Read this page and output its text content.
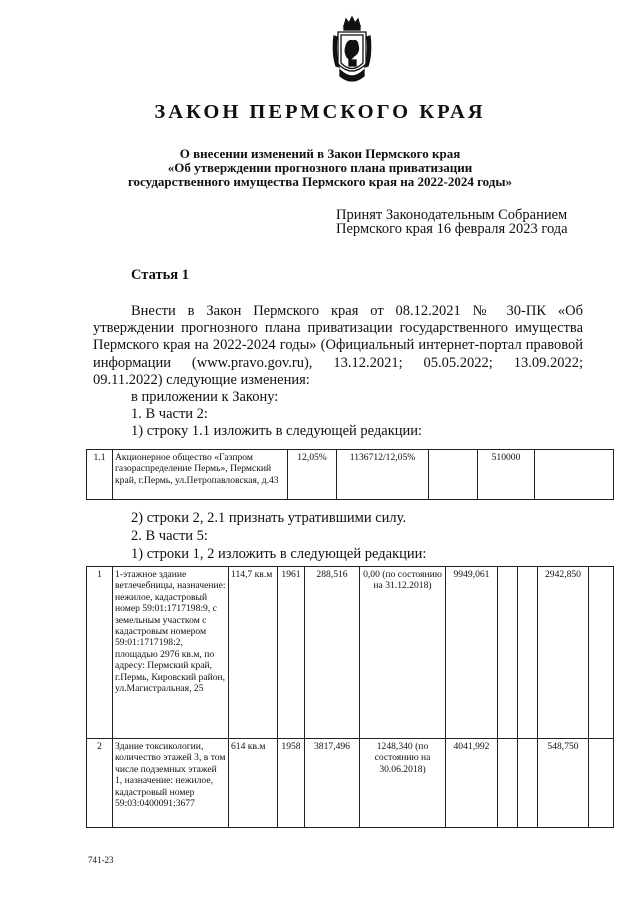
ЗАКОН ПЕРМСКОГО КРАЯ
О внесении изменений в Закон Пермского края
«Об утверждении прогнозного плана приватизации
государственного имущества Пермского края на 2022-2024 годы»
Принят Законодательным Собранием
Пермского края 16 февраля 2023 года
Статья 1

Внести в Закон Пермского края от 08.12.2021 № 30-ПК «Об утверждении прогнозного плана приватизации государственного имущества Пермского края на 2022-2024 годы» (Официальный интернет-портал правовой информации (www.pravo.gov.ru), 13.12.2021; 05.05.2022; 13.09.2022; 09.11.2022) следующие изменения:

в приложении к Закону:

1. В части 2:

1) строку 1.1 изложить в следующей редакции:

1.1	Акционерное общество «Газпром газораспределение Пермь», Пермский край, г.Пермь, ул.Петропавловская, д.43	12,05%	1136712/12,05%		510000	
2) строки 2, 2.1 признать утратившими силу.
2. В части 5:
1) строки 1, 2 изложить в следующей редакции:
1	1-этажное здание ветлечебницы, назначение: нежилое, кадастровый номер 59:01:1717198:9, с земельным участком с кадастровым номером 59:01:1717198:2, площадью 2976 кв.м, по адресу: Пермский край, г.Пермь, Кировский район, ул.Магистральная, 25	114,7 кв.м	1961	288,516	0,00 (по состоянию на 31.12.2018)	9949,061			2942,850	
2	Здание токсикологии, количество этажей 3, в том числе подземных этажей 1, назначение: нежилое, кадастровый номер 59:03:0400091:3677	614 кв.м	1958	3817,496	1248,340 (по состоянию на 30.06.2018)	4041,992			548,750	
741-23
